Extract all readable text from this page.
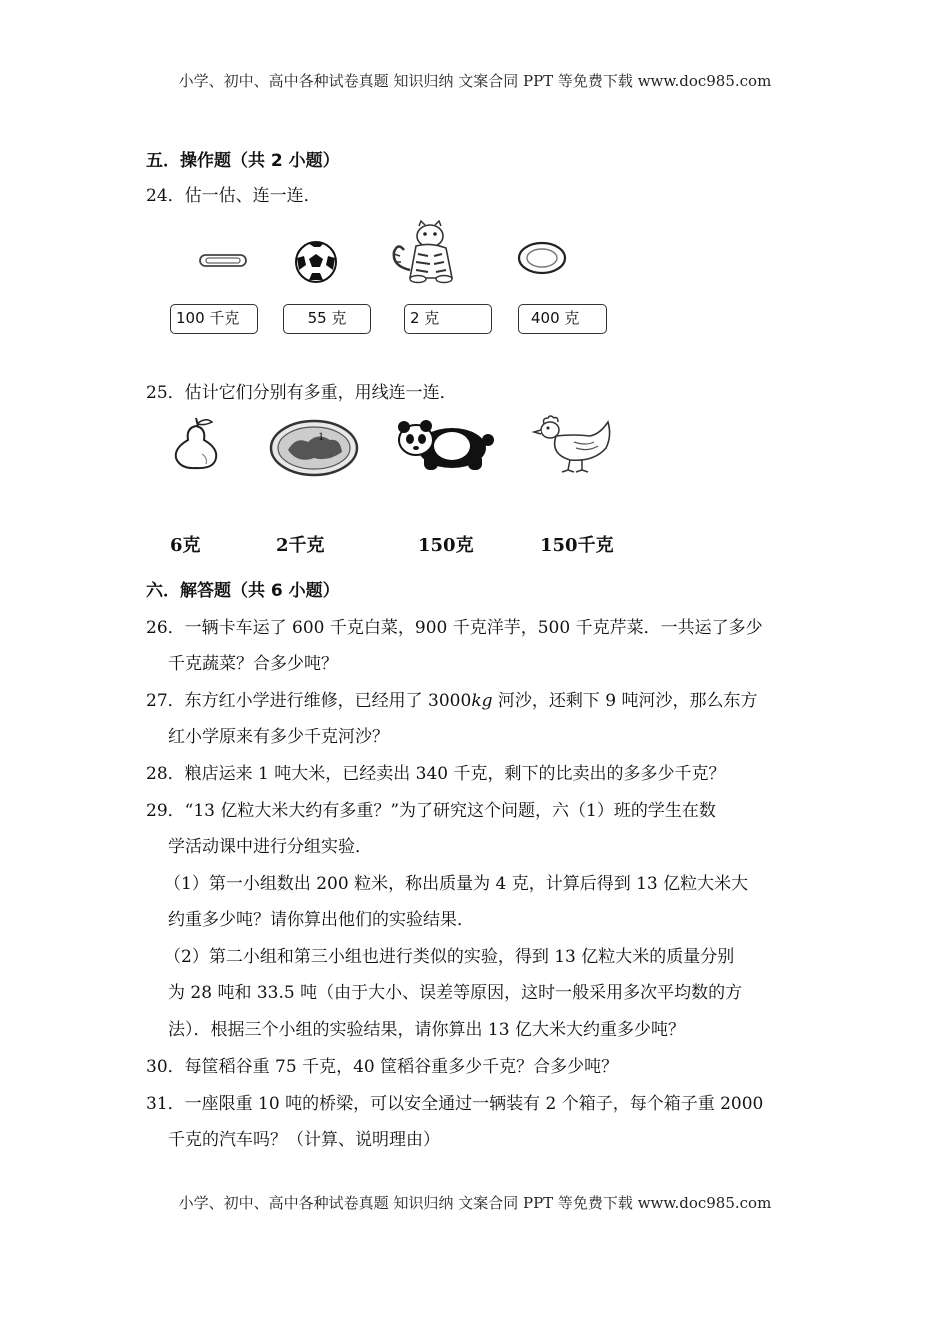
小学、初中、高中各种试卷真题 知识归纳 文案合同 PPT 等免费下载 www.doc985.com
五．操作题（共 2 小题）
24．估一估、连一连．
100 千克	55 克	2 克	400 克
25．估计它们分别有多重，用线连一连．
1
6克	2千克	150克	150千克
六．解答题（共 6 小题）
26．一辆卡车运了 600 千克白菜，900 千克洋芋，500 千克芹菜．一共运了多少
千克蔬菜？合多少吨？
27．东方红小学进行维修，已经用了 3000kg 河沙，还剩下 9 吨河沙，那么东方
红小学原来有多少千克河沙？
28．粮店运来 1 吨大米，已经卖出 340 千克，剩下的比卖出的多多少千克？
29．“13 亿粒大米大约有多重？”为了研究这个问题，六（1）班的学生在数
学活动课中进行分组实验．
（1）第一小组数出 200 粒米，称出质量为 4 克，计算后得到 13 亿粒大米大
约重多少吨？请你算出他们的实验结果．
（2）第二小组和第三小组也进行类似的实验，得到 13 亿粒大米的质量分别
为 28 吨和 33.5 吨（由于大小、误差等原因，这时一般采用多次平均数的方
法）．根据三个小组的实验结果，请你算出 13 亿大米大约重多少吨？
30．每筐稻谷重 75 千克，40 筐稻谷重多少千克？合多少吨？
31．一座限重 10 吨的桥梁，可以安全通过一辆装有 2 个箱子，每个箱子重 2000
千克的汽车吗？（计算、说明理由）
小学、初中、高中各种试卷真题 知识归纳 文案合同 PPT 等免费下载 www.doc985.com
